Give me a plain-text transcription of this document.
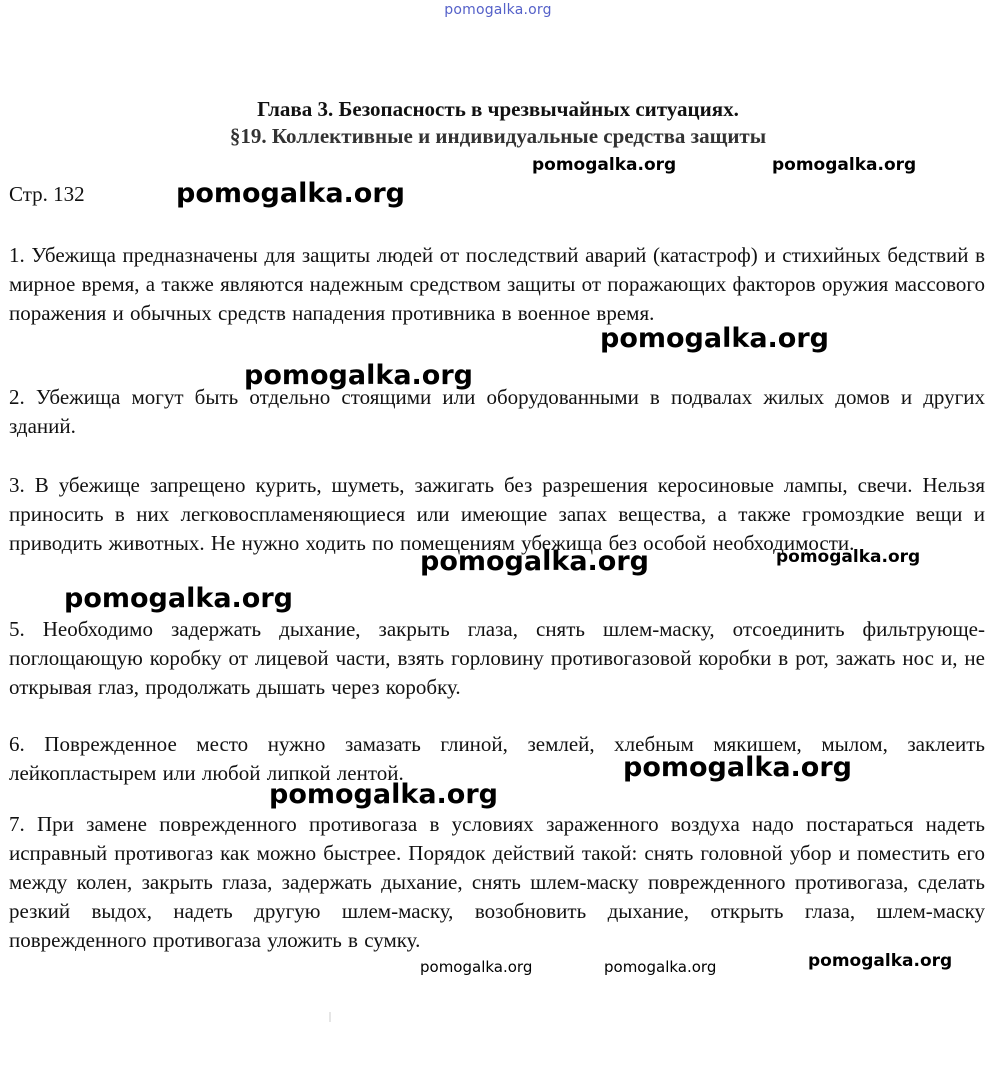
pomogalka.org

Глава 3. Безопасность в чрезвычайных ситуациях.

§19. Коллективные и индивидуальные средства защиты

Стр. 132

1. Убежища предназначены для защиты людей от последствий аварий (катастроф) и стихийных бедствий в мирное время, а также являются надежным средством защиты от поражающих факторов оружия массового поражения и обычных средств нападения противника в военное время.

2. Убежища могут быть отдельно стоящими или оборудованными в подвалах жилых домов и других зданий.

3. В убежище запрещено курить, шуметь, зажигать без разрешения керосиновые лампы, свечи. Нельзя приносить в них легковоспламеняющиеся или имеющие запах вещества, а также громоздкие вещи и приводить животных. Не нужно ходить по помещениям убежища без особой необходимости.

5. Необходимо задержать дыхание, закрыть глаза, снять шлем-маску, отсоединить фильтрующе-поглощающую коробку от лицевой части, взять горловину противогазовой коробки в рот, зажать нос и, не открывая глаз, продолжать дышать через коробку.

6. Поврежденное место нужно замазать глиной, землей, хлебным мякишем, мылом, заклеить лейкопластырем или любой липкой лентой.

7. При замене поврежденного противогаза в условиях зараженного воздуха надо постараться надеть исправный противогаз как можно быстрее. Порядок действий такой: снять головной убор и поместить его между колен, закрыть глаза, задержать дыхание, снять шлем-маску поврежденного противогаза, сделать резкий выдох, надеть другую шлем-маску, возобновить дыхание, открыть глаза, шлем-маску поврежденного противогаза уложить в сумку.

pomogalka.org	pomogalka.org
pomogalka.org
pomogalka.org
pomogalka.org
pomogalka.org	pomogalka.org
pomogalka.org
pomogalka.org
pomogalka.org
pomogalka.org	pomogalka.org	pomogalka.org
